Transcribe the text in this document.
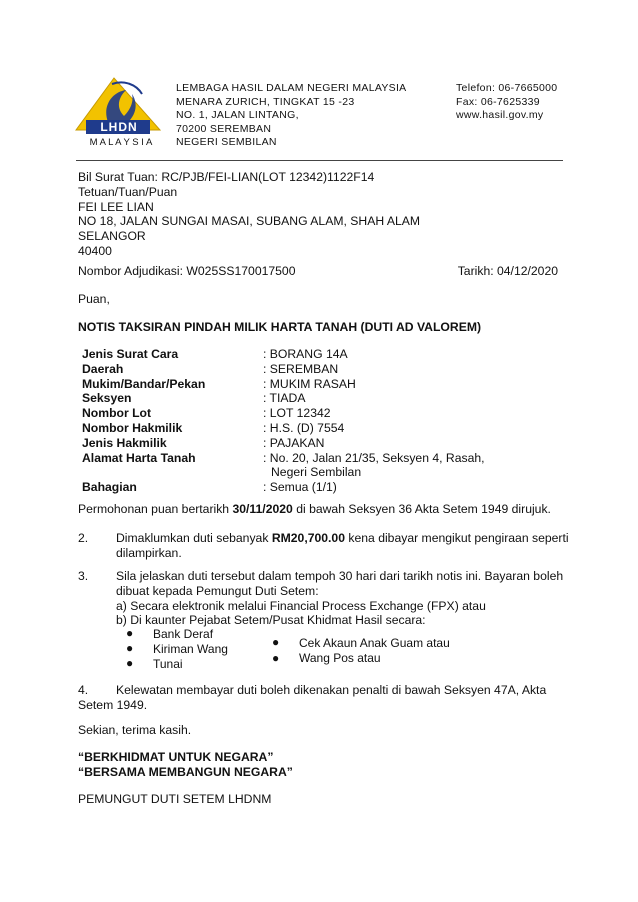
LHDN
M A L A Y S I A
LEMBAGA HASIL DALAM NEGERI MALAYSIA
MENARA ZURICH, TINGKAT 15 -23
NO. 1, JALAN LINTANG,
70200 SEREMBAN
NEGERI SEMBILAN
Telefon: 06-7665000
Fax: 06-7625339
www.hasil.gov.my
Bil Surat Tuan: RC/PJB/FEI-LIAN(LOT 12342)1122F14
Tetuan/Tuan/Puan
FEI LEE LIAN
NO 18, JALAN SUNGAI MASAI, SUBANG ALAM, SHAH ALAM
SELANGOR
40400
Nombor Adjudikasi: W025SS170017500	Tarikh: 04/12/2020
Puan,
NOTIS TAKSIRAN PINDAH MILIK HARTA TANAH (DUTI AD VALOREM)
Jenis Surat Cara
Daerah
Mukim/Bandar/Pekan
Seksyen
Nombor Lot
Nombor Hakmilik
Jenis Hakmilik
Alamat Harta Tanah
Bahagian
: BORANG 14A
: SEREMBAN
: MUKIM RASAH
: TIADA
: LOT 12342
: H.S. (D) 7554
: PAJAKAN
: No. 20, Jalan 21/35, Seksyen 4, Rasah,
Negeri Sembilan
: Semua (1/1)
Permohonan puan bertarikh 30/11/2020 di bawah Seksyen 36 Akta Setem 1949 dirujuk.
2. Dimaklumkan duti sebanyak RM20,700.00 kena dibayar mengikut pengiraan seperti
dilampirkan.
3. Sila jelaskan duti tersebut dalam tempoh 30 hari dari tarikh notis ini. Bayaran boleh
dibuat kepada Pemungut Duti Setem:
a) Secara elektronik melalui Financial Process Exchange (FPX) atau
b) Di kaunter Pejabat Setem/Pusat Khidmat Hasil secara:
● Bank Deraf
● Kiriman Wang
● Tunai
● Cek Akaun Anak Guam atau
● Wang Pos atau
4. Kelewatan membayar duti boleh dikenakan penalti di bawah Seksyen 47A, Akta
Setem 1949.
Sekian, terima kasih.
“BERKHIDMAT UNTUK NEGARA”
“BERSAMA MEMBANGUN NEGARA”
PEMUNGUT DUTI SETEM LHDNM
